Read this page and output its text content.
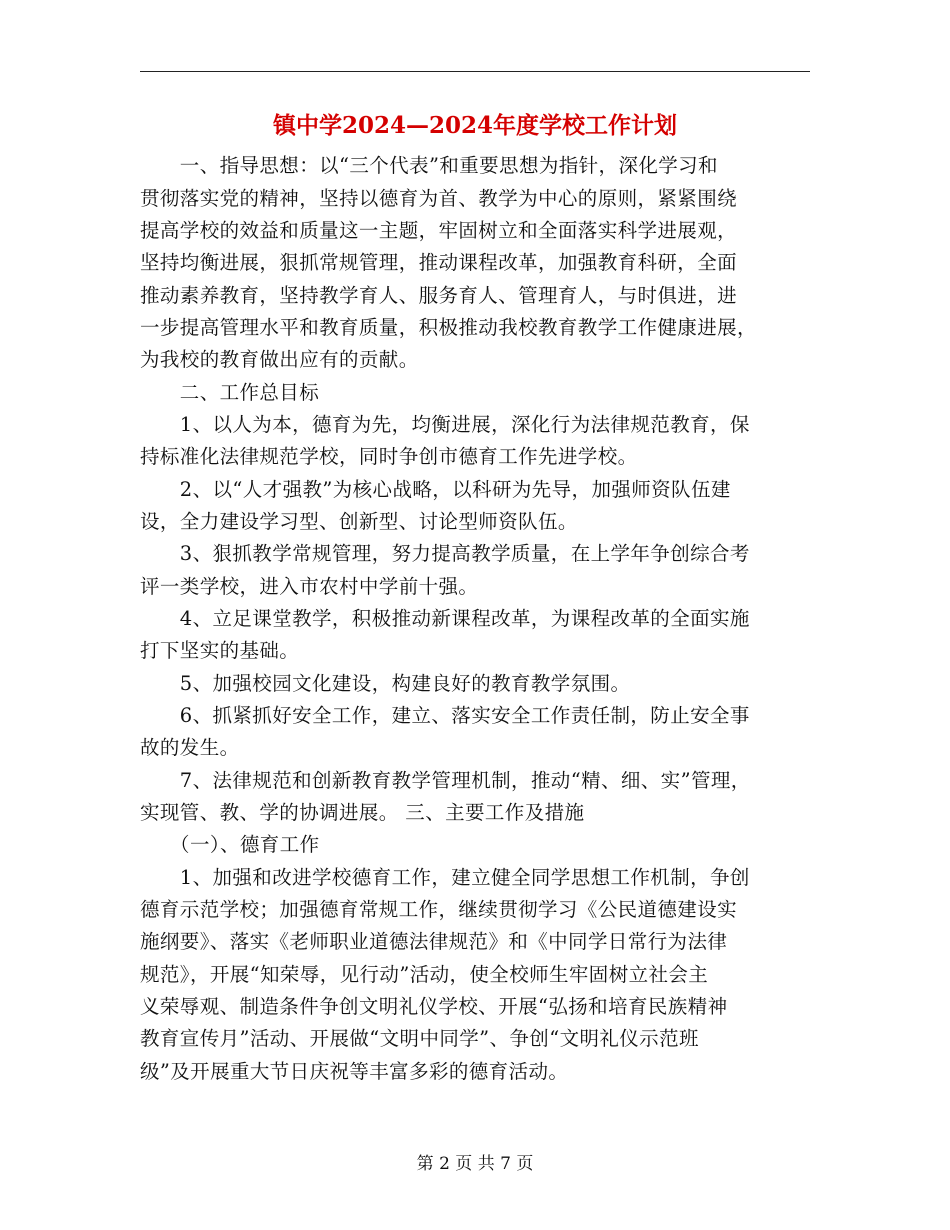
镇中学2024—2024年度学校工作计划
　　一、指导思想：以“三个代表”和重要思想为指针，深化学习和
贯彻落实党的精神，坚持以德育为首、教学为中心的原则，紧紧围绕
提高学校的效益和质量这一主题，牢固树立和全面落实科学进展观，
坚持均衡进展，狠抓常规管理，推动课程改革，加强教育科研，全面
推动素养教育，坚持教学育人、服务育人、管理育人，与时俱进，进
一步提高管理水平和教育质量，积极推动我校教育教学工作健康进展，
为我校的教育做出应有的贡献。
　　二、工作总目标
　　1、以人为本，德育为先，均衡进展，深化行为法律规范教育，保
持标准化法律规范学校，同时争创市德育工作先进学校。
　　2、以“人才强教”为核心战略，以科研为先导，加强师资队伍建
设，全力建设学习型、创新型、讨论型师资队伍。
　　3、狠抓教学常规管理，努力提高教学质量，在上学年争创综合考
评一类学校，进入市农村中学前十强。
　　4、立足课堂教学，积极推动新课程改革，为课程改革的全面实施
打下坚实的基础。
　　5、加强校园文化建设，构建良好的教育教学氛围。
　　6、抓紧抓好安全工作，建立、落实安全工作责任制，防止安全事
故的发生。
　　7、法律规范和创新教育教学管理机制，推动“精、细、实”管理，
实现管、教、学的协调进展。 三、主要工作及措施
　　（一）、德育工作
　　1、加强和改进学校德育工作，建立健全同学思想工作机制，争创
德育示范学校；加强德育常规工作，继续贯彻学习《公民道德建设实
施纲要》、落实《老师职业道德法律规范》和《中同学日常行为法律
规范》，开展“知荣辱，见行动”活动，使全校师生牢固树立社会主
义荣辱观、制造条件争创文明礼仪学校、开展“弘扬和培育民族精神
教育宣传月”活动、开展做“文明中同学”、争创“文明礼仪示范班
级”及开展重大节日庆祝等丰富多彩的德育活动。
第 2 页 共 7 页
